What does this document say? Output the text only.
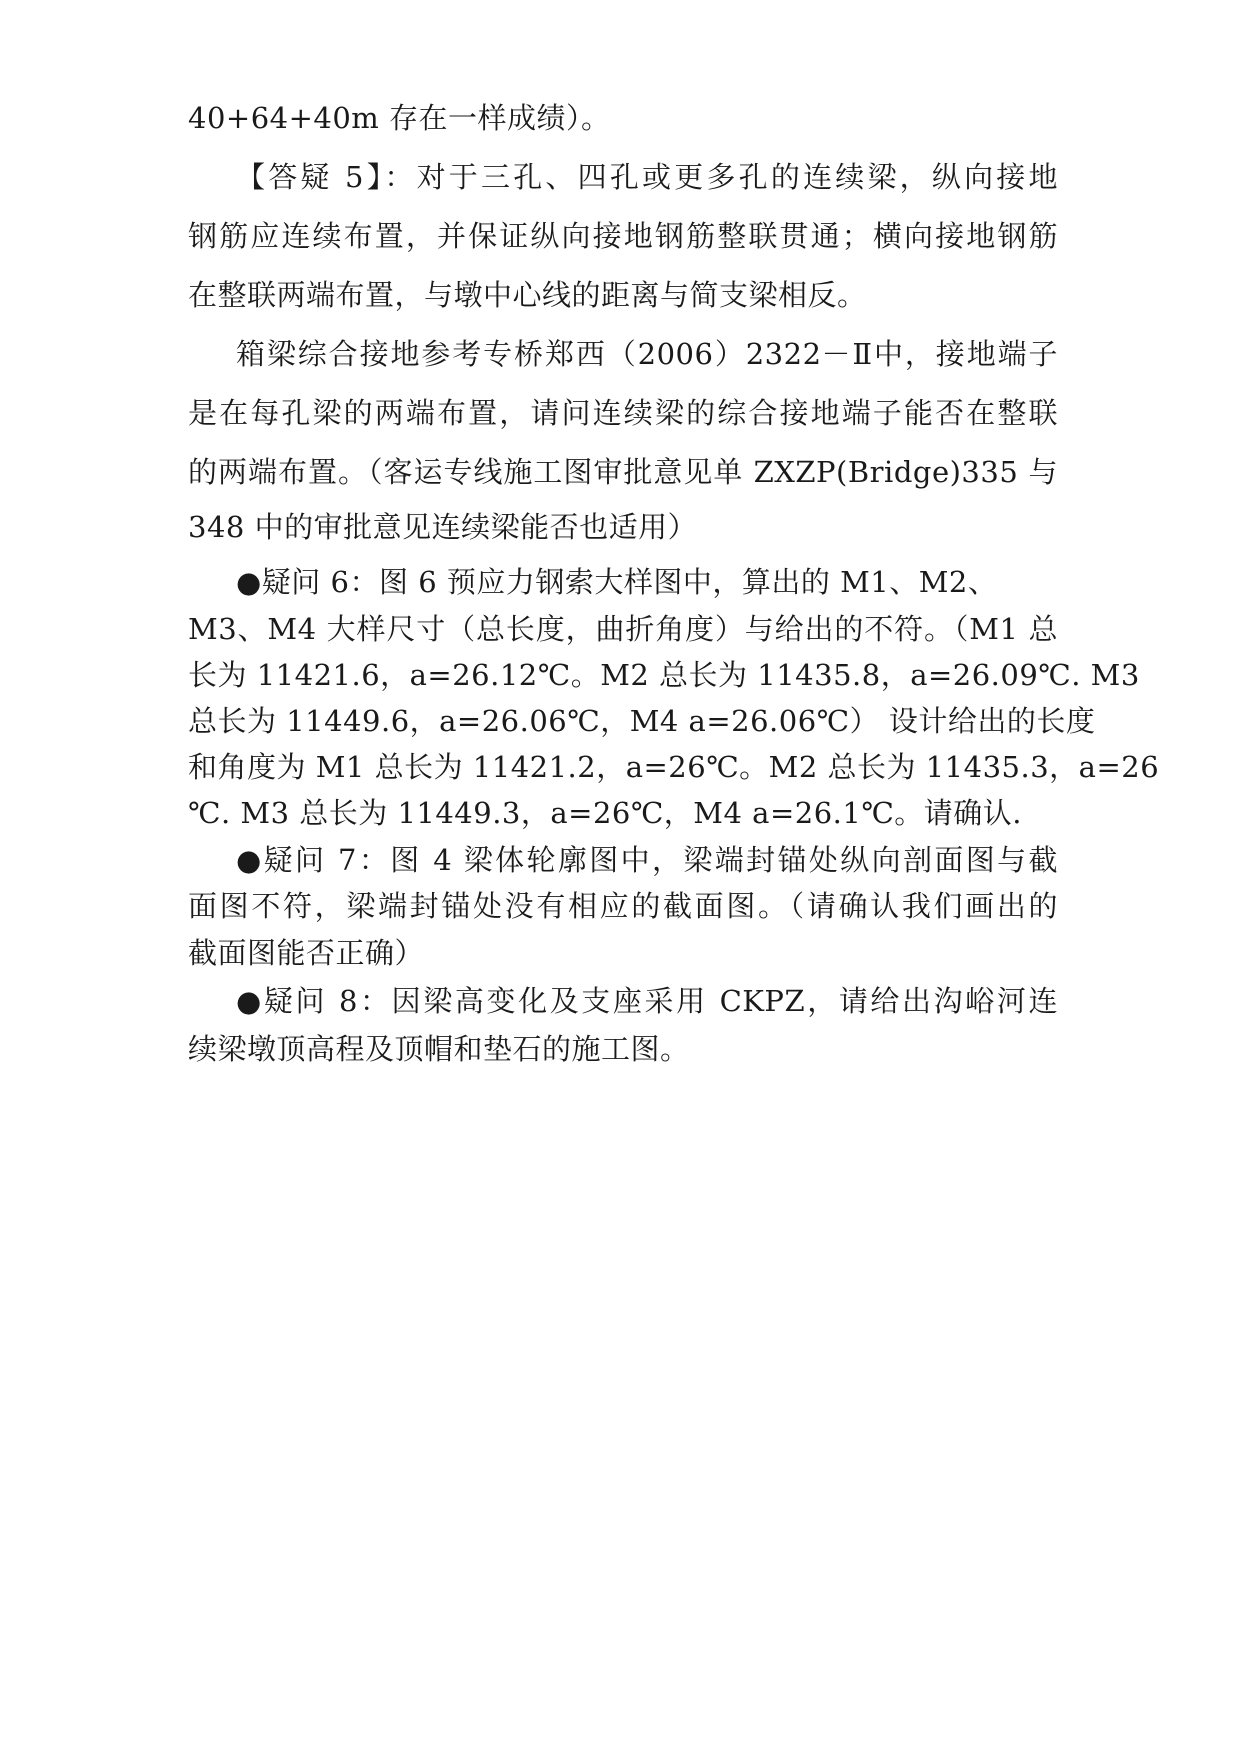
40+64+40m 存在一样成绩）。
【答疑 5】：对于三孔、四孔或更多孔的连续梁，纵向接地
钢筋应连续布置，并保证纵向接地钢筋整联贯通；横向接地钢筋
在整联两端布置，与墩中心线的距离与简支梁相反。
箱梁综合接地参考专桥郑西（2006）2322－Ⅱ中，接地端子
是在每孔梁的两端布置，请问连续梁的综合接地端子能否在整联
的两端布置。（客运专线施工图审批意见单 ZXZP(Bridge)335 与
348 中的审批意见连续梁能否也适用）
●疑问 6：图 6 预应力钢索大样图中，算出的 M1、M2、
M3、M4 大样尺寸（总长度，曲折角度）与给出的不符。（M1 总
长为 11421.6，a=26.12℃。M2 总长为 11435.8，a=26.09℃. M3
总长为 11449.6，a=26.06℃，M4 a=26.06℃） 设计给出的长度
和角度为 M1 总长为 11421.2，a=26℃。M2 总长为 11435.3，a=26
℃. M3 总长为 11449.3，a=26℃，M4 a=26.1℃。请确认.
●疑问 7：图 4 梁体轮廓图中，梁端封锚处纵向剖面图与截
面图不符，梁端封锚处没有相应的截面图。（请确认我们画出的
截面图能否正确）
●疑问 8：因梁高变化及支座采用 CKPZ，请给出沟峪河连
续梁墩顶高程及顶帽和垫石的施工图。
